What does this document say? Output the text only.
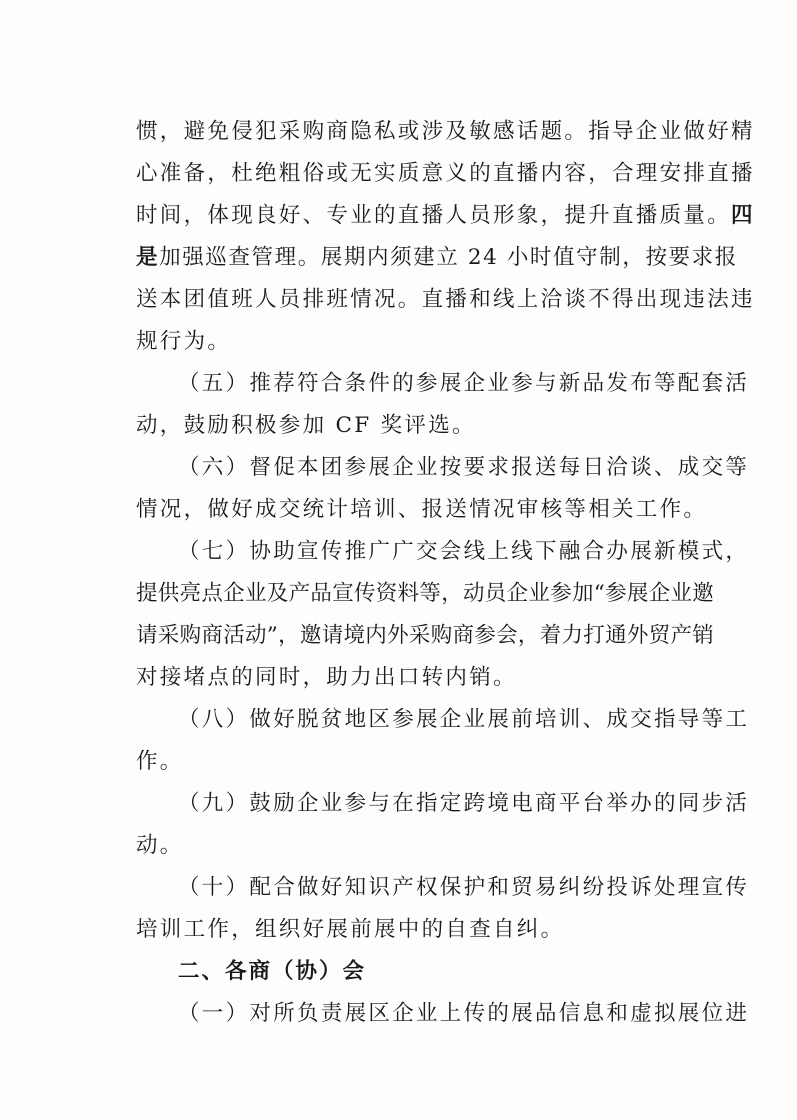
惯，避免侵犯采购商隐私或涉及敏感话题。指导企业做好精
心准备，杜绝粗俗或无实质意义的直播内容，合理安排直播
时间，体现良好、专业的直播人员形象，提升直播质量。四
是加强巡查管理。展期内须建立 24 小时值守制，按要求报
送本团值班人员排班情况。直播和线上洽谈不得出现违法违
规行为。
（五）推荐符合条件的参展企业参与新品发布等配套活
动，鼓励积极参加 CF 奖评选。
（六）督促本团参展企业按要求报送每日洽谈、成交等
情况，做好成交统计培训、报送情况审核等相关工作。
（七）协助宣传推广广交会线上线下融合办展新模式，
提供亮点企业及产品宣传资料等，动员企业参加“参展企业邀
请采购商活动”，邀请境内外采购商参会，着力打通外贸产销
对接堵点的同时，助力出口转内销。
（八）做好脱贫地区参展企业展前培训、成交指导等工
作。
（九）鼓励企业参与在指定跨境电商平台举办的同步活
动。
（十）配合做好知识产权保护和贸易纠纷投诉处理宣传
培训工作，组织好展前展中的自查自纠。
二、各商（协）会
（一）对所负责展区企业上传的展品信息和虚拟展位进
